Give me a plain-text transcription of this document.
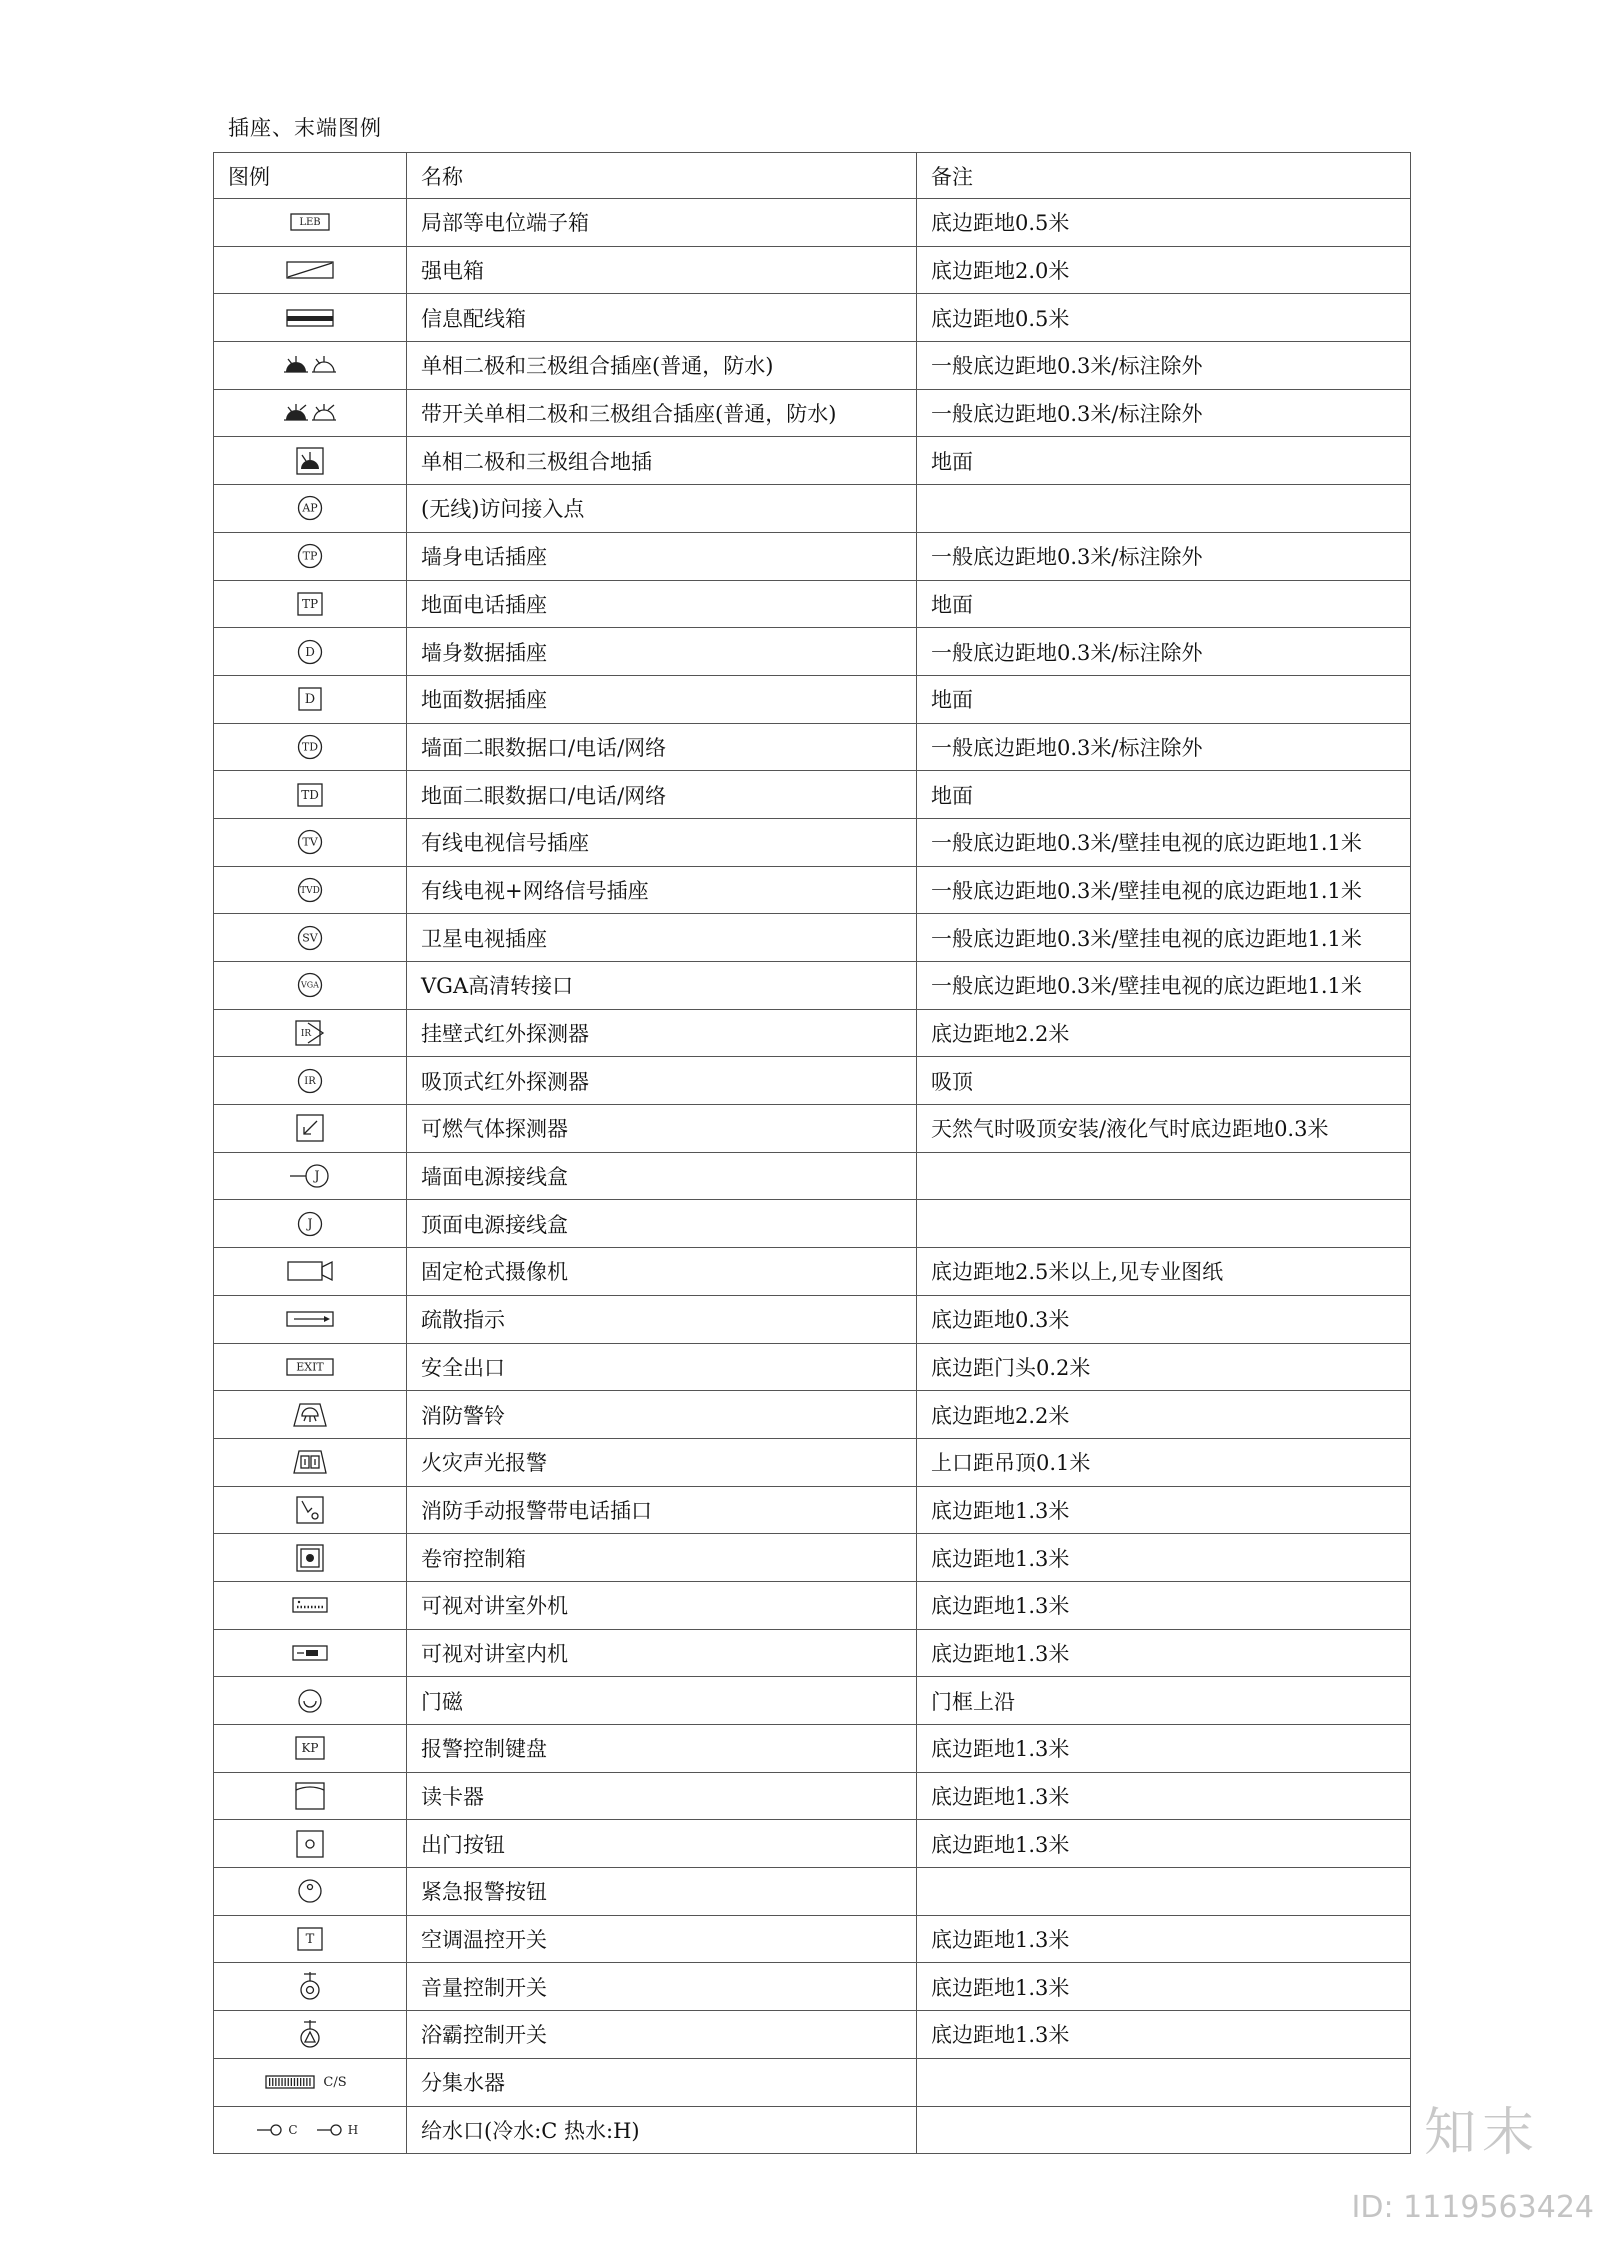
插座、末端图例
图例	名称	备注

LEB	局部等电位端子箱	底边距地0.5米

	强电箱	底边距地2.0米

	信息配线箱	底边距地0.5米

	单相二极和三极组合插座(普通，防水)	一般底边距地0.3米/标注除外

	带开关单相二极和三极组合插座(普通，防水)	一般底边距地0.3米/标注除外

	单相二极和三极组合地插	地面

AP	(无线)访问接入点	

TP	墙身电话插座	一般底边距地0.3米/标注除外

TP	地面电话插座	地面

D	墙身数据插座	一般底边距地0.3米/标注除外

D	地面数据插座	地面

TD	墙面二眼数据口/电话/网络	一般底边距地0.3米/标注除外

TD	地面二眼数据口/电话/网络	地面

TV	有线电视信号插座	一般底边距地0.3米/壁挂电视的底边距地1.1米

TVD	有线电视+网络信号插座	一般底边距地0.3米/壁挂电视的底边距地1.1米

SV	卫星电视插座	一般底边距地0.3米/壁挂电视的底边距地1.1米

VGA	VGA高清转接口	一般底边距地0.3米/壁挂电视的底边距地1.1米

IR	挂壁式红外探测器	底边距地2.2米

IR	吸顶式红外探测器	吸顶

	可燃气体探测器	天然气时吸顶安装/液化气时底边距地0.3米

J	墙面电源接线盒	

J	顶面电源接线盒	

	固定枪式摄像机	底边距地2.5米以上,见专业图纸

	疏散指示	底边距地0.3米

EXIT	安全出口	底边距门头0.2米

	消防警铃	底边距地2.2米

	火灾声光报警	上口距吊顶0.1米

	消防手动报警带电话插口	底边距地1.3米

	卷帘控制箱	底边距地1.3米

	可视对讲室外机	底边距地1.3米

	可视对讲室内机	底边距地1.3米

	门磁	门框上沿

KP	报警控制键盘	底边距地1.3米

	读卡器	底边距地1.3米

	出门按钮	底边距地1.3米

	紧急报警按钮	

T	空调温控开关	底边距地1.3米

	音量控制开关	底边距地1.3米

	浴霸控制开关	底边距地1.3米

C/S	分集水器	

C H	给水口(冷水:C 热水:H)		知末
ID: 1119563424
